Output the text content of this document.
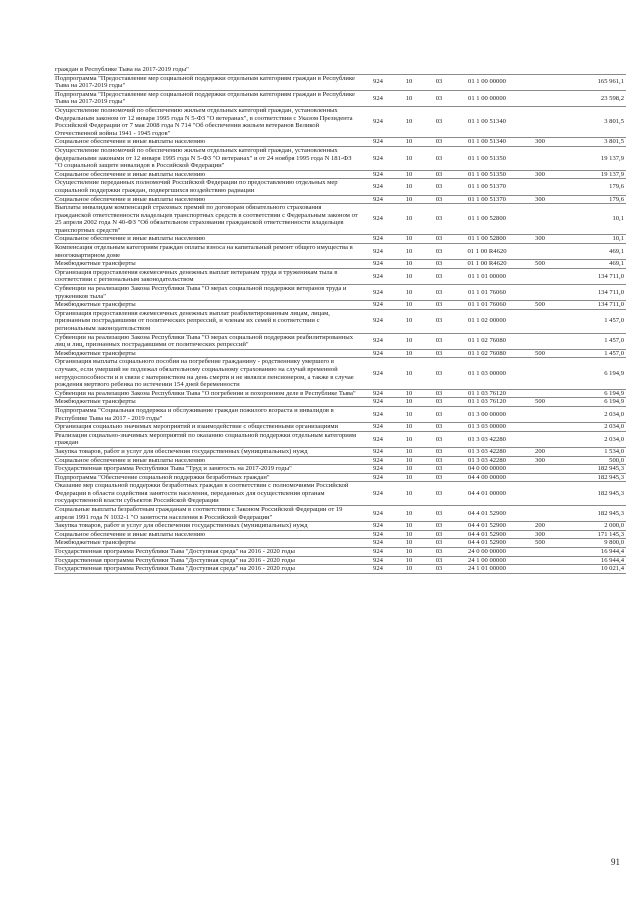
граждан в Республике Тыва на 2017-2019 годы"						
Подпрограмма "Предоставление мер социальной поддержки отдельным категориям граждан в Республике Тыва на 2017-2019 годы"	924	10	03	01 1 00 00000		165 961,1
Подпрограмма "Предоставление мер социальной поддержки отдельным категориям граждан в Республике Тыва на 2017-2019 годы"	924	10	03	01 1 00 00000		23 598,2
Осуществление полномочий по обеспечению жильем отдельных категорий граждан, установленных Федеральным законом от 12 января 1995 года N 5-ФЗ "О ветеранах", в соответствии с Указом Президента Российской Федерации от 7 мая 2008 года N 714 "Об обеспечении жильем ветеранов Великой Отечественной войны 1941 - 1945 годов"	924	10	03	01 1 00 51340		3 801,5
Социальное обеспечение и иные выплаты населению	924	10	03	01 1 00 51340	300	3 801,5
Осуществление полномочий по обеспечению жильем отдельных категорий граждан, установленных федеральными законами от 12 января 1995 года N 5-ФЗ "О ветеранах" и от 24 ноября 1995 года N 181-ФЗ "О социальной защите инвалидов в Российской Федерации"	924	10	03	01 1 00 51350		19 137,9
Социальное обеспечение и иные выплаты населению	924	10	03	01 1 00 51350	300	19 137,9
Осуществление переданных полномочий Российской Федерации по предоставлению отдельных мер социальной поддержки граждан, подвергшихся воздействию радиации	924	10	03	01 1 00 51370		179,6
Социальное обеспечение и иные выплаты населению	924	10	03	01 1 00 51370	300	179,6
Выплаты инвалидам компенсаций страховых премий по договорам обязательного страхования гражданской ответственности владельцев транспортных средств в соответствии с Федеральным законом от 25 апреля 2002 года N 40-ФЗ "Об обязательном страховании гражданской ответственности владельцев транспортных средств"	924	10	03	01 1 00 52800		10,1
Социальное обеспечение и иные выплаты населению	924	10	03	01 1 00 52800	300	10,1
Компенсация отдельным категориям граждан оплаты взноса на капитальный ремонт общего имущества в многоквартирном доме	924	10	03	01 1 00 R4620		469,1
Межбюджетные трансферты	924	10	03	01 1 00 R4620	500	469,1
Организация предоставления ежемесячных денежных выплат ветеранам труда и труженикам тыла в соответствии с региональным законодательством	924	10	03	01 1 01 00000		134 711,0
Субвенции на реализацию Закона Республики Тыва "О мерах социальной поддержки ветеранов труда и тружеников тыла"	924	10	03	01 1 01 76060		134 711,0
Межбюджетные трансферты	924	10	03	01 1 01 76060	500	134 711,0
Организация предоставления ежемесячных денежных выплат реабилитированным лицам, лицам, признанным пострадавшими от политических репрессий, и членам их семей в соответствии с региональным законодательством	924	10	03	01 1 02 00000		1 457,0
Субвенции на реализацию Закона Республики Тыва "О мерах социальной поддержки реабилитированных лиц и лиц, признанных пострадавшими от политических репрессий"	924	10	03	01 1 02 76080		1 457,0
Межбюджетные трансферты	924	10	03	01 1 02 76080	500	1 457,0
Организация выплаты социального пособия на погребение гражданину - родственнику умершего в случаях, если умерший не подлежал обязательному социальному страхованию на случай временной нетрудоспособности и в связи с материнством на день смерти и не являлся пенсионером, а также в случае рождения мертвого ребенка по истечении 154 дней беременности	924	10	03	01 1 03 00000		6 194,9
Субвенции на реализацию Закона Республики Тыва "О погребении и похоронном деле в Республике Тыва"	924	10	03	01 1 03 76120		6 194,9
Межбюджетные трансферты	924	10	03	01 1 03 76120	500	6 194,9
Подпрограмма "Социальная поддержка и обслуживание граждан пожилого возраста и инвалидов в Республике Тыва на 2017 - 2019 годы"	924	10	03	01 3 00 00000		2 034,0
Организация социально значимых мероприятий и взаимодействие с общественными организациями	924	10	03	01 3 03 00000		2 034,0
Реализация социально-значимых мероприятий по оказанию социальной поддержки отдельным категориям граждан	924	10	03	01 3 03 42280		2 034,0
Закупка товаров, работ и услуг для обеспечения государственных (муниципальных) нужд	924	10	03	01 3 03 42280	200	1 534,0
Социальное обеспечение и иные выплаты населению	924	10	03	01 3 03 42280	300	500,0
Государственная программа Республики Тыва "Труд и занятость на 2017-2019 годы"	924	10	03	04 0 00 00000		182 945,3
Подпрограмма "Обеспечение социальной поддержки безработных граждан"	924	10	03	04 4 00 00000		182 945,3
Оказание мер социальной поддержки безработных граждан в соответствии с полномочиями Российской Федерации в области содействия занятости населения, переданных для осуществления органам государственной власти субъектов Российской Федерации	924	10	03	04 4 01 00000		182 945,3
Социальные выплаты безработным гражданам в соответствии с Законом Российской Федерации от 19 апреля 1991 года N 1032-1 "О занятости населения в Российской Федерации"	924	10	03	04 4 01 52900		182 945,3
Закупка товаров, работ и услуг для обеспечения государственных (муниципальных) нужд	924	10	03	04 4 01 52900	200	2 000,0
Социальное обеспечение и иные выплаты населению	924	10	03	04 4 01 52900	300	171 145,3
Межбюджетные трансферты	924	10	03	04 4 01 52900	500	9 800,0
Государственная программа Республики Тыва "Доступная среда" на 2016 - 2020 годы	924	10	03	24 0 00 00000		16 944,4
Государственная программа Республики Тыва "Доступная среда" на 2016 - 2020 годы	924	10	03	24 1 00 00000		16 944,4
Государственная программа Республики Тыва "Доступная среда" на 2016 - 2020 годы	924	10	03	24 1 01 00000		10 021,4
91
